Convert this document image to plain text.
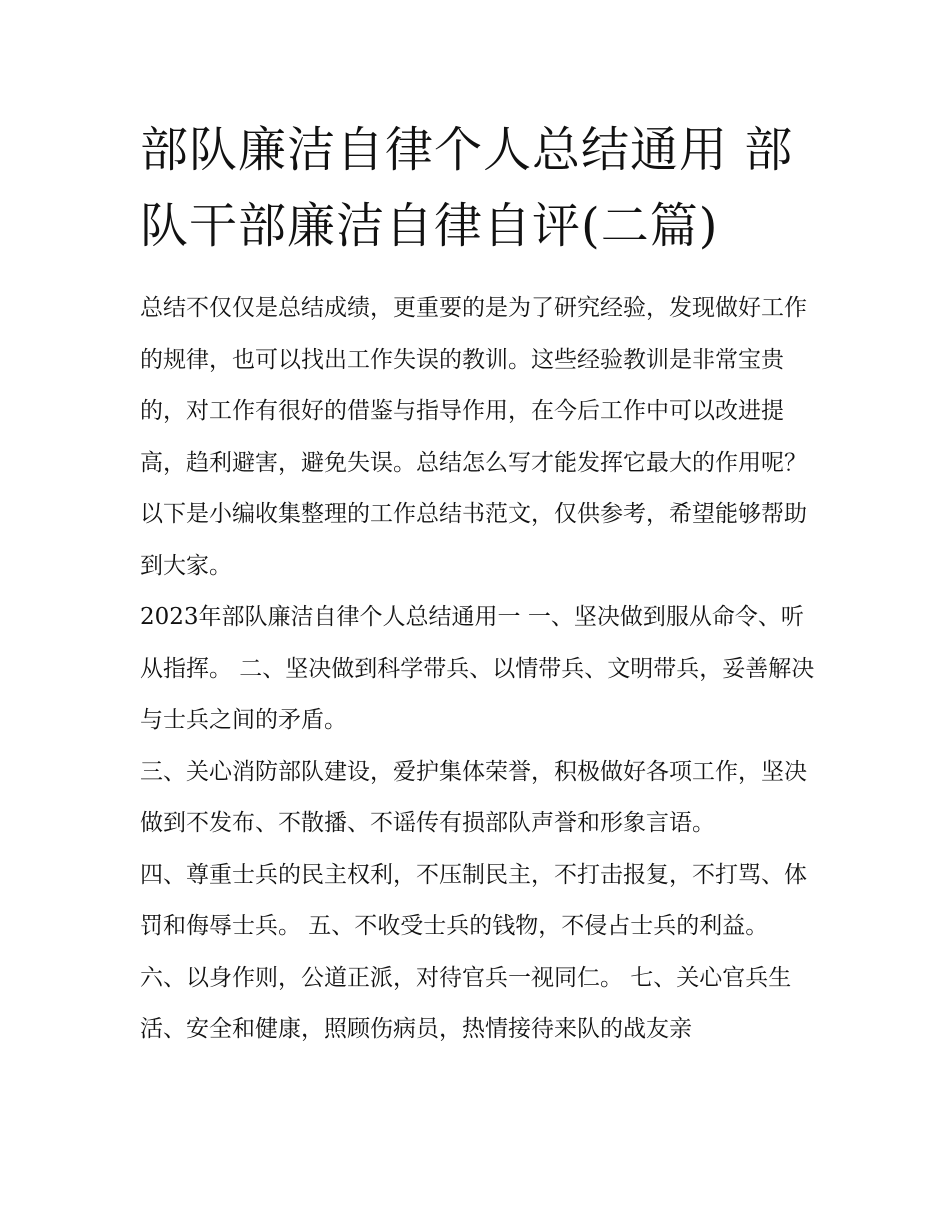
部队廉洁自律个人总结通用 部队干部廉洁自律自评(二篇)

总结不仅仅是总结成绩，更重要的是为了研究经验，发现做好工作的规律，也可以找出工作失误的教训。这些经验教训是非常宝贵的，对工作有很好的借鉴与指导作用，在今后工作中可以改进提高，趋利避害，避免失误。总结怎么写才能发挥它最大的作用呢？以下是小编收集整理的工作总结书范文，仅供参考，希望能够帮助到大家。

2023年部队廉洁自律个人总结通用一 一、坚决做到服从命令、听从指挥。 二、坚决做到科学带兵、以情带兵、文明带兵，妥善解决与士兵之间的矛盾。

三、关心消防部队建设，爱护集体荣誉，积极做好各项工作，坚决做到不发布、不散播、不谣传有损部队声誉和形象言语。

四、尊重士兵的民主权利，不压制民主，不打击报复，不打骂、体罚和侮辱士兵。 五、不收受士兵的钱物，不侵占士兵的利益。

六、以身作则，公道正派，对待官兵一视同仁。 七、关心官兵生活、安全和健康，照顾伤病员，热情接待来队的战友亲
